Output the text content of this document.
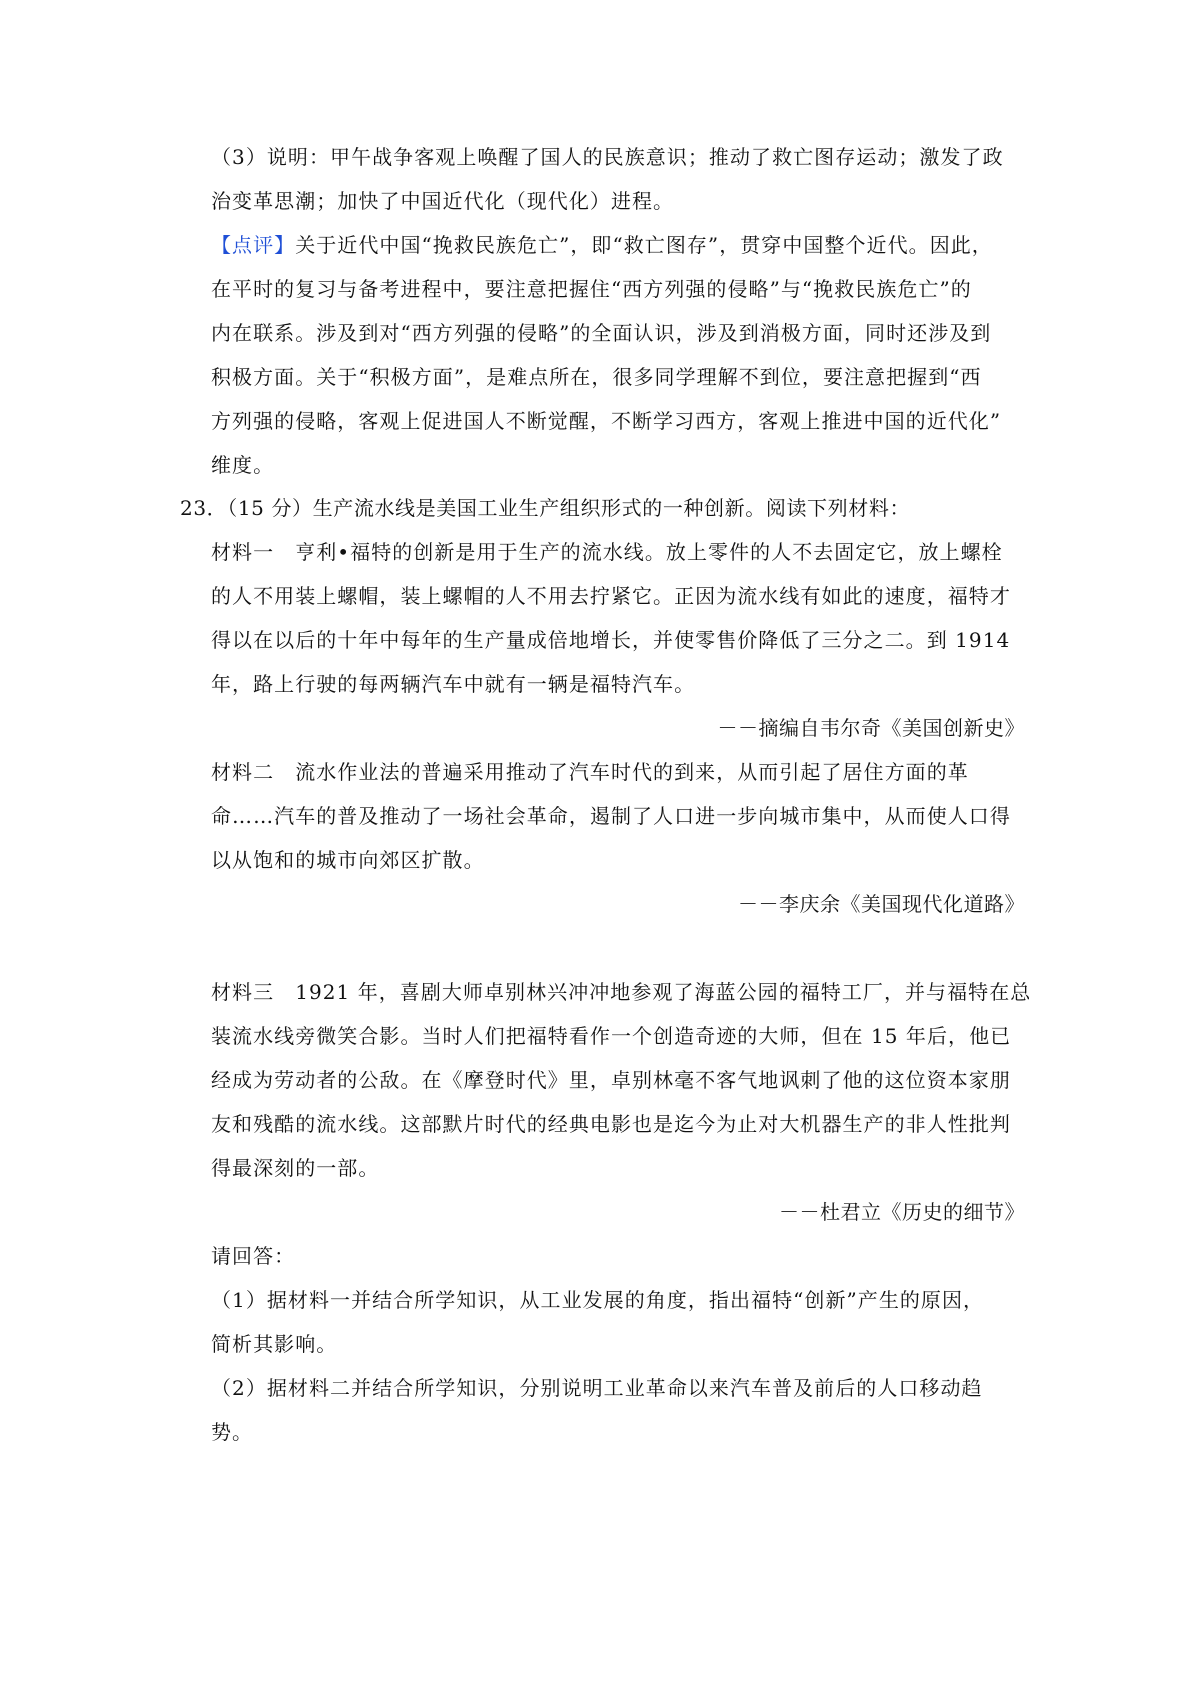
（3）说明：甲午战争客观上唤醒了国人的民族意识；推动了救亡图存运动；激发了政
治变革思潮；加快了中国近代化（现代化）进程。
【点评】关于近代中国“挽救民族危亡”，即“救亡图存”，贯穿中国整个近代。因此，
在平时的复习与备考进程中，要注意把握住“西方列强的侵略”与“挽救民族危亡”的
内在联系。涉及到对“西方列强的侵略”的全面认识，涉及到消极方面，同时还涉及到
积极方面。关于“积极方面”，是难点所在，很多同学理解不到位，要注意把握到“西
方列强的侵略，客观上促进国人不断觉醒，不断学习西方，客观上推进中国的近代化”
维度。
23．（15 分）生产流水线是美国工业生产组织形式的一种创新。阅读下列材料：
材料一　亨利•福特的创新是用于生产的流水线。放上零件的人不去固定它，放上螺栓
的人不用装上螺帽，装上螺帽的人不用去拧紧它。正因为流水线有如此的速度，福特才
得以在以后的十年中每年的生产量成倍地增长，并使零售价降低了三分之二。到 1914
年，路上行驶的每两辆汽车中就有一辆是福特汽车。
－－摘编自韦尔奇《美国创新史》
材料二　流水作业法的普遍采用推动了汽车时代的到来，从而引起了居住方面的革
命……汽车的普及推动了一场社会革命，遏制了人口进一步向城市集中，从而使人口得
以从饱和的城市向郊区扩散。
－－李庆余《美国现代化道路》
材料三　1921 年，喜剧大师卓别林兴冲冲地参观了海蓝公园的福特工厂，并与福特在总
装流水线旁微笑合影。当时人们把福特看作一个创造奇迹的大师，但在 15 年后，他已
经成为劳动者的公敌。在《摩登时代》里，卓别林毫不客气地讽刺了他的这位资本家朋
友和残酷的流水线。这部默片时代的经典电影也是迄今为止对大机器生产的非人性批判
得最深刻的一部。
－－杜君立《历史的细节》
请回答：
（1）据材料一并结合所学知识，从工业发展的角度，指出福特“创新”产生的原因，
简析其影响。
（2）据材料二并结合所学知识，分别说明工业革命以来汽车普及前后的人口移动趋
势。
